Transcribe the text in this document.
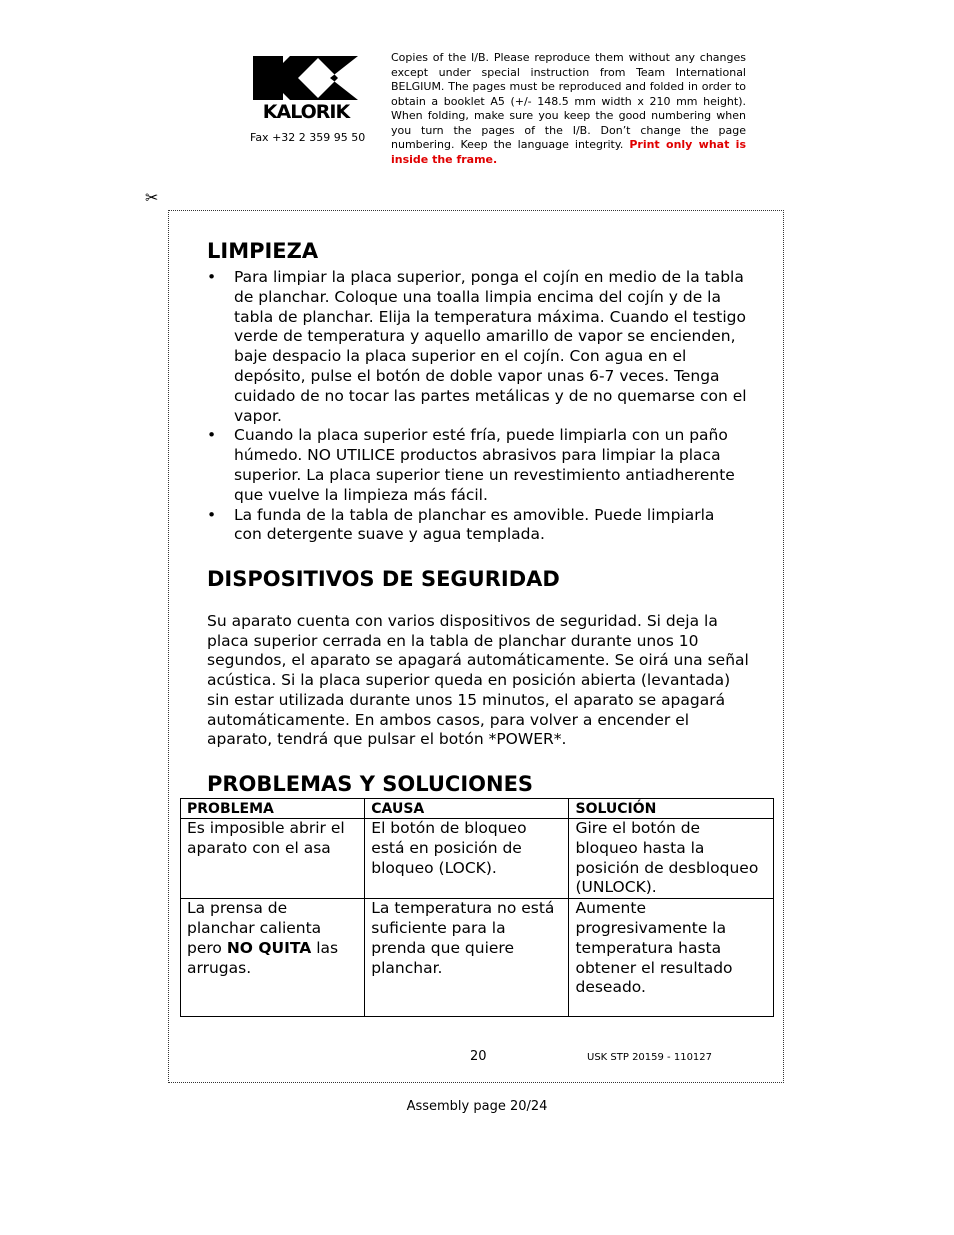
KALORIK
Fax +32 2 359 95 50
Copies of the I/B. Please reproduce them without any changes except under special instruction from Team International BELGIUM. The pages must be reproduced and folded in order to obtain a booklet A5 (+/- 148.5 mm width x 210 mm height). When folding, make sure you keep the good numbering when you turn the pages of the I/B. Don’t change the page numbering. Keep the language integrity. Print only what is inside the frame.
✂
LIMPIEZA
• Para limpiar la placa superior, ponga el cojín en medio de la tabla de planchar. Coloque una toalla limpia encima del cojín y de la tabla de planchar. Elija la temperatura máxima. Cuando el testigo verde de temperatura y aquello amarillo de vapor se encienden, baje despacio la placa superior en el cojín. Con agua en el depósito, pulse el botón de doble vapor unas 6-7 veces. Tenga cuidado de no tocar las partes metálicas y de no quemarse con el vapor.
• Cuando la placa superior esté fría, puede limpiarla con un paño húmedo. NO UTILICE productos abrasivos para limpiar la placa superior. La placa superior tiene un revestimiento antiadherente que vuelve la limpieza más fácil.
• La funda de la tabla de planchar es amovible. Puede limpiarla con detergente suave y agua templada.
DISPOSITIVOS DE SEGURIDAD

Su aparato cuenta con varios dispositivos de seguridad. Si deja la placa superior cerrada en la tabla de planchar durante unos 10 segundos, el aparato se apagará automáticamente. Se oirá una señal acústica. Si la placa superior queda en posición abierta (levantada) sin estar utilizada durante unos 15 minutos, el aparato se apagará automáticamente. En ambos casos, para volver a encender el aparato, tendrá que pulsar el botón *POWER*.

PROBLEMAS Y SOLUCIONES
PROBLEMA	CAUSA	SOLUCIÓN
Es imposible abrir el aparato con el asa	El botón de bloqueo está en posición de bloqueo (LOCK).	Gire el botón de bloqueo hasta la posición de desbloqueo (UNLOCK).
La prensa de planchar calienta pero NO QUITA las arrugas.	La temperatura no está suficiente para la prenda que quiere planchar.	Aumente progresivamente la temperatura hasta obtener el resultado deseado.
20	USK STP 20159 - 110127
Assembly page 20/24
